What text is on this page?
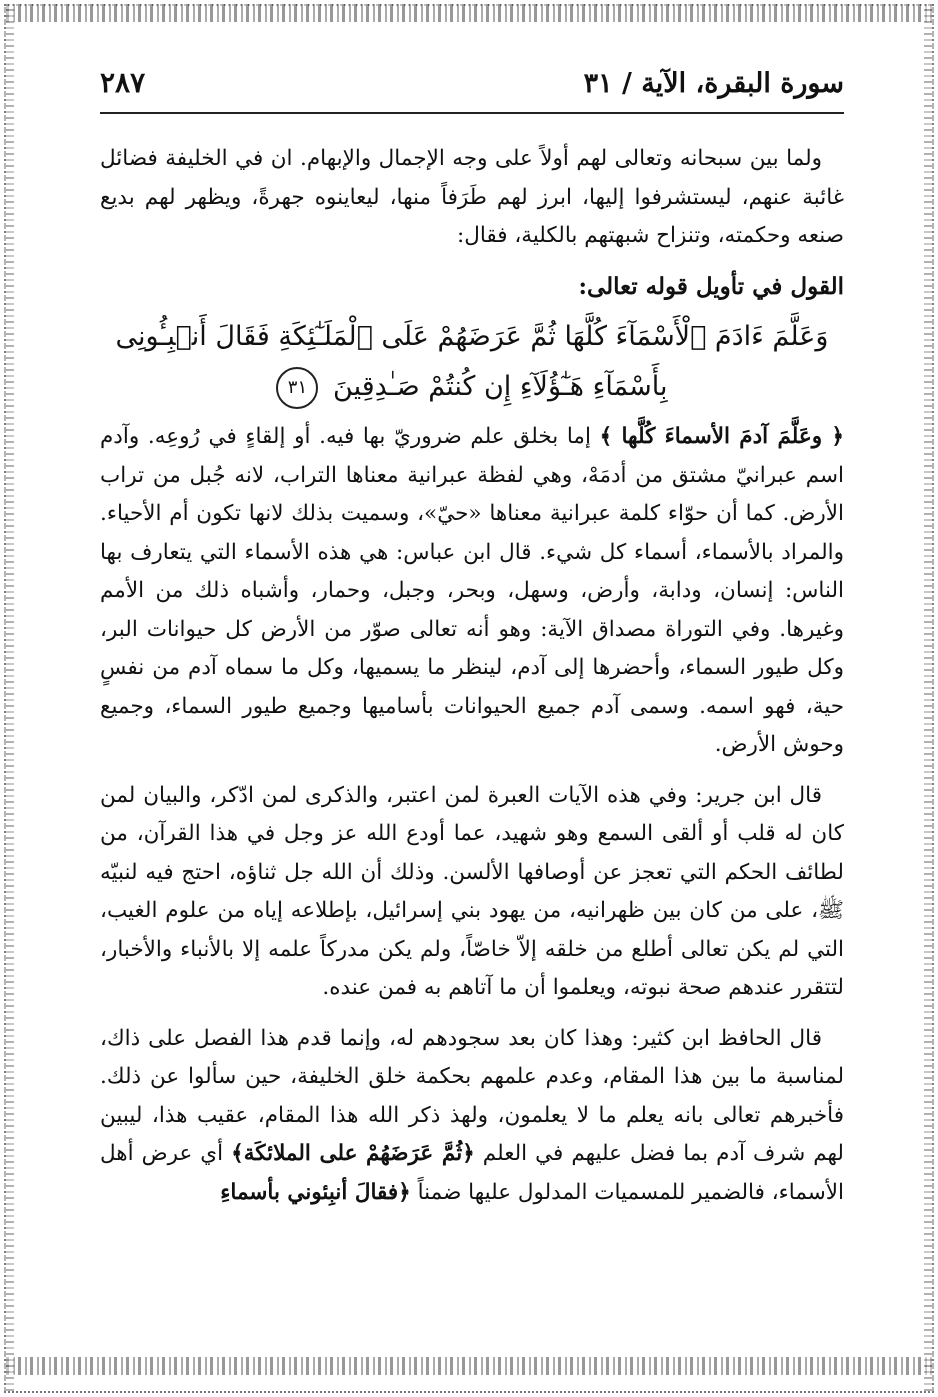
سورة البقرة، الآية / ٣١
٢٨٧

ولما بين سبحانه وتعالى لهم أولاً على وجه الإجمال والإبهام. ان في الخليفة فضائل غائبة عنهم، ليستشرفوا إليها، ابرز لهم طَرَفاً منها، ليعاينوه جهرةً، ويظهر لهم بديع صنعه وحكمته، وتنزاح شبهتهم بالكلية، فقال:

القول في تأويل قوله تعالى:
وَعَلَّمَ ءَادَمَ ٱلْأَسْمَآءَ كُلَّهَا ثُمَّ عَرَضَهُمْ عَلَى ٱلْمَلَـٰٓئِكَةِ فَقَالَ أَنۢبِـُٔونِى بِأَسْمَآءِ هَـٰٓؤُلَآءِ إِن كُنتُمْ صَـٰدِقِينَ ٣١

﴿ وعَلَّمَ آدمَ الأسماءَ كُلَّها ﴾ إما بخلق علم ضروريّ بها فيه. أو إلقاءٍ في رُوعِه. وآدم اسم عبرانيّ مشتق من أدمَهْ، وهي لفظة عبرانية معناها التراب، لانه جُبل من تراب الأرض. كما أن حوّاء كلمة عبرانية معناها «حيّ»، وسميت بذلك لانها تكون أم الأحياء. والمراد بالأسماء، أسماء كل شيء. قال ابن عباس: هي هذه الأسماء التي يتعارف بها الناس: إنسان، ودابة، وأرض، وسهل، وبحر، وجبل، وحمار، وأشباه ذلك من الأمم وغيرها. وفي التوراة مصداق الآية: وهو أنه تعالى صوّر من الأرض كل حيوانات البر، وكل طيور السماء، وأحضرها إلى آدم، لينظر ما يسميها، وكل ما سماه آدم من نفسٍ حية، فهو اسمه. وسمى آدم جميع الحيوانات بأساميها وجميع طيور السماء، وجميع وحوش الأرض.

قال ابن جرير: وفي هذه الآيات العبرة لمن اعتبر، والذكرى لمن ادّكر، والبيان لمن كان له قلب أو ألقى السمع وهو شهيد، عما أودع الله عز وجل في هذا القرآن، من لطائف الحكم التي تعجز عن أوصافها الألسن. وذلك أن الله جل ثناؤه، احتج فيه لنبيّه ﷺ، على من كان بين ظهرانيه، من يهود بني إسرائيل، بإطلاعه إياه من علوم الغيب، التي لم يكن تعالى أطلع من خلقه إلاّ خاصّاً، ولم يكن مدركاً علمه إلا بالأنباء والأخبار، لتتقرر عندهم صحة نبوته، ويعلموا أن ما آتاهم به فمن عنده.

قال الحافظ ابن كثير: وهذا كان بعد سجودهم له، وإنما قدم هذا الفصل على ذاك، لمناسبة ما بين هذا المقام، وعدم علمهم بحكمة خلق الخليفة، حين سألوا عن ذلك. فأخبرهم تعالى بانه يعلم ما لا يعلمون، ولهذ ذكر الله هذا المقام، عقيب هذا، ليبين لهم شرف آدم بما فضل عليهم في العلم ﴿ثُمَّ عَرَضَهُمْ على الملائكَة﴾ أي عرض أهل الأسماء، فالضمير للمسميات المدلول عليها ضمناً ﴿فقالَ أنبِئوني بأسماءِ
